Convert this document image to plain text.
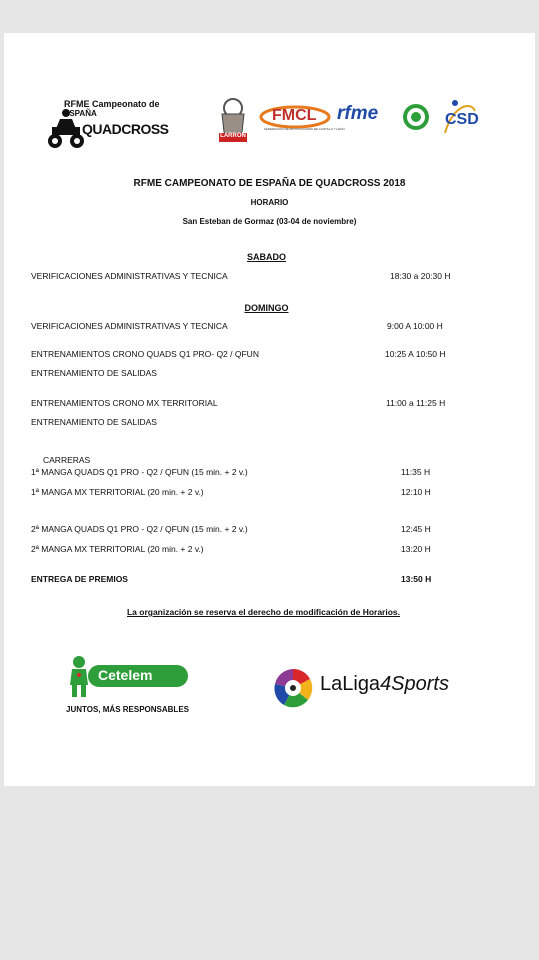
RFME Campeonato de
ESPAÑA
QUADCROSS	LARRON
FMCL
FEDERACIÓN DE MOTOCICLISMO DE CASTILLA Y LEÓN
rfme	CSD
RFME CAMPEONATO DE ESPAÑA DE QUADCROSS 2018
HORARIO
San Esteban de Gormaz (03-04 de noviembre)
SABADO
VERIFICACIONES ADMINISTRATIVAS Y TECNICA	18:30 a 20:30 H
DOMINGO
VERIFICACIONES ADMINISTRATIVAS Y TECNICA	9:00 A 10:00 H
ENTRENAMIENTOS CRONO QUADS Q1 PRO- Q2 / QFUN	10:25 A 10:50 H
ENTRENAMIENTO DE SALIDAS
ENTRENAMIENTOS CRONO MX TERRITORIAL	11:00 a 11:25 H
ENTRENAMIENTO DE SALIDAS
CARRERAS
1ª MANGA QUADS Q1 PRO - Q2 / QFUN (15 min. + 2 v.)	11:35 H
1ª MANGA MX TERRITORIAL (20 min. + 2 v.)	12:10 H
2ª MANGA QUADS Q1 PRO - Q2 / QFUN (15 min. + 2 v.)	12:45 H
2ª MANGA MX TERRITORIAL (20 min. + 2 v.)	13:20 H
ENTREGA DE PREMIOS	13:50 H
La organización se reserva el derecho de modificación de Horarios.
Cetelem
JUNTOS, MÁS RESPONSABLES
LaLiga4Sports
